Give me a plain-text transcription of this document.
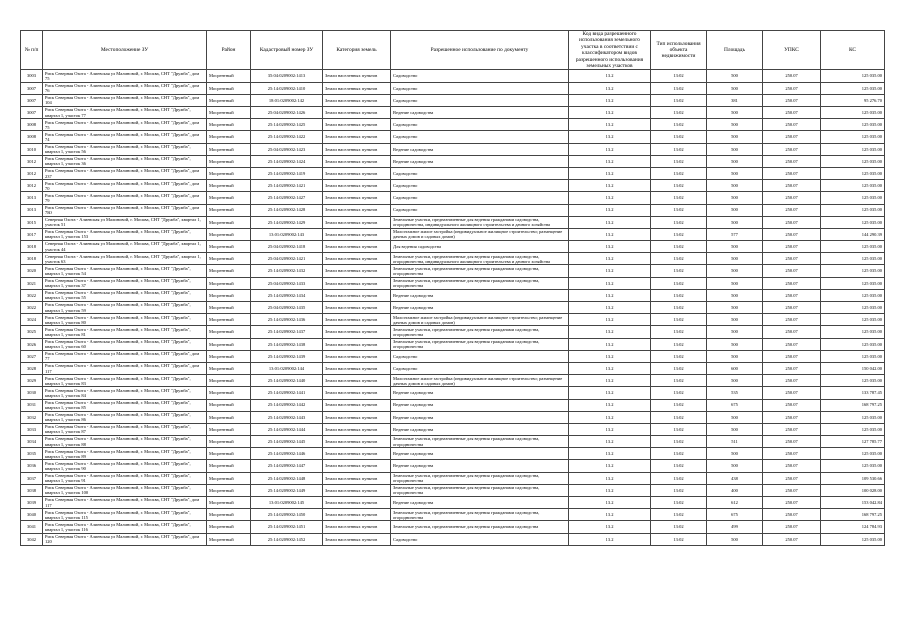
№ п/п	Местоположение ЗУ	Район	Кадастровый номер ЗУ	Категория земель	Разрешенное использование по документу	Код вида разрешенного использования земельного участка в соответствии с классификатором видов разрешенного использования земельных участков	Тип использования объекта недвижимости	Площадь	УПКС	КС
3003	Риск Северная Охота - Алиевская ул Малиновой, г. Москва, СНТ "Дружба", дом 75	Мосрентный	35:04:0209002:1413	Земли населенных пунктов	Садоводство	13.2	13:02	500	250.07	125 035.00
3007	Риск Северная Охота - Алиевская ул Малиновой, г. Москва, СНТ "Дружба", дом 76	Мосрентный	25:14:0209002:1410	Земли населенных пунктов	Садоводство	13.2	13:02	500	250.07	125 035.00
3007	Риск Северная Охота - Алиевская ул Малиновой, г. Москва, СНТ "Дружба", дом 104	Мосрентный	18:01:0209002:142	Земли населенных пунктов	Садоводство	13.2	13:02	381	250.07	95 276.70
3007	Риск Северная Охота - Алиевская ул Малиновой, г. Москва, СНТ "Дружба", квартал 1, участок 77	Мосрентный	25:04:0209002:1426	Земли населенных пунктов	Ведение садоводства	13.2	13:02	500	250.07	125 035.00
3008	Риск Северная Охота - Алиевская ул Малиновой, г. Москва, СНТ "Дружба", дом 75	Мосрентный	25:14:0209002:1425	Земли населенных пунктов	Садоводство	13.2	13:02	500	250.07	125 035.00
3008	Риск Северная Охота - Алиевская ул Малиновой, г. Москва, СНТ "Дружба", дом 74	Мосрентный	25:14:0209002:1422	Земли населенных пунктов	Садоводство	13.2	13:02	500	250.07	125 035.00
3010	Риск Северная Охота - Алиевская ул Малиновой, г. Москва, СНТ "Дружба", квартал 1, участок 56	Мосрентный	25:04:0209002:1423	Земли населенных пунктов	Ведение садоводства	13.2	13:02	500	250.07	125 035.00
3012	Риск Северная Охота - Алиевская ул Малиновой, г. Москва, СНТ "Дружба", квартал 1, участок 36	Мосрентный	25:14:0209002:1424	Земли населенных пунктов	Ведение садоводства	13.2	13:02	500	250.07	125 035.00
3012	Риск Северная Охота - Алиевская ул Малиновой, г. Москва, СНТ "Дружба", дом 237	Мосрентный	25:14:0209002:1419	Земли населенных пунктов	Садоводство	13.2	13:02	500	250.07	125 035.00
3012	Риск Северная Охота - Алиевская ул Малиновой, г. Москва, СНТ "Дружба", дом 70	Мосрентный	25:14:0209002:1421	Земли населенных пунктов	Садоводство	13.2	13:02	500	250.07	125 035.00
3013	Риск Северная Охота - Алиевская ул Малиновой, г. Москва, СНТ "Дружба", дом 79	Мосрентный	25:14:0209002:1427	Земли населенных пунктов	Садоводство	13.2	13:02	500	250.07	125 035.00
3013	Риск Северная Охота - Алиевская ул Малиновой, г. Москва, СНТ "Дружба", дом 7Ю	Мосрентный	25:14:0209002:1428	Земли населенных пунктов	Садоводство	13.2	13:02	500	250.07	125 035.00
3015	Северная Охота - Алиевская ул Малиновой, г. Москва, СНТ "Дружба", квартал 1, участок 51	Мосрентный	25:14:0209002:1429	Земли населенных пунктов	Земельные участки, предназначенные для ведения гражданами садоводства, огородничества, индивидуального жилищного строительства и дачного хозяйства	13.2	13:02	500	250.07	125 035.00
3017	Риск Северная Охота - Алиевская ул Малиновой, г. Москва, СНТ "Дружба", квартал 1, участок 153	Мосрентный	13:01:0209002:143	Земли населенных пунктов	Малоэтажное жилое застройка (индивидуальное жилищное строительство; размещение дачных домов и садовых домов)	13.2	13:02	577	250.07	144 290.39
3018	Северная Охота - Алиевская ул Малиновой, г. Москва, СНТ "Дружба", квартал 1, участок 44	Мосрентный	25:04:0209002:1418	Земли населенных пунктов	Для ведения садоводства	13.2	13:02	500	250.07	125 035.00
3018	Северная Охота - Алиевская ул Малиновой, г. Москва, СНТ "Дружба", квартал 1, участок 63	Мосрентный	25:04:0209002:1421	Земли населенных пунктов	Земельные участки, предназначенные для ведения гражданами садоводства, огородничества, индивидуального жилищного строительства и дачного хозяйства	13.2	13:02	500	250.07	125 035.00
3020	Риск Северная Охота - Алиевская ул Малиновой, г. Москва, СНТ "Дружба", квартал 1, участок 54	Мосрентный	25:14:0209002:1432	Земли населенных пунктов	Земельные участки, предназначенные для ведения гражданами садоводства, огородничества	13.2	13:02	500	250.07	125 035.00
3021	Риск Северная Охота - Алиевская ул Малиновой, г. Москва, СНТ "Дружба", квартал 1, участок 37	Мосрентный	25:04:0209002:1433	Земли населенных пунктов	Земельные участки, предназначенные для ведения гражданами садоводства, огородничества	13.2	13:02	500	250.07	125 035.00
3022	Риск Северная Охота - Алиевская ул Малиновой, г. Москва, СНТ "Дружба", квартал 1, участок 55	Мосрентный	25:14:0209002:1434	Земли населенных пунктов	Ведение садоводства	13.2	13:02	500	250.07	125 035.00
3022	Риск Северная Охота - Алиевская ул Малиновой, г. Москва, СНТ "Дружба", квартал 1, участок 59	Мосрентный	25:04:0209002:1435	Земли населенных пунктов	Ведение садоводства	13.2	13:02	500	250.07	125 035.00
3024	Риск Северная Охота - Алиевская ул Малиновой, г. Москва, СНТ "Дружба", квартал 1, участок 80	Мосрентный	25:14:0209002:1436	Земли населенных пунктов	Малоэтажное жилое застройка (индивидуальное жилищное строительство; размещение дачных домов и садовых домов)	13.2	13:02	500	250.07	125 035.00
3025	Риск Северная Охота - Алиевская ул Малиновой, г. Москва, СНТ "Дружба", квартал 1, участок 81	Мосрентный	25:14:0209002:1437	Земли населенных пунктов	Земельные участки, предназначенные для ведения гражданами садоводства, огородничества	13.2	13:02	500	250.07	125 035.00
3026	Риск Северная Охота - Алиевская ул Малиновой, г. Москва, СНТ "Дружба", квартал 1, участок 60	Мосрентный	25:14:0209002:1438	Земли населенных пунктов	Земельные участки, предназначенные для ведения гражданами садоводства, огородничества	13.2	13:02	500	250.07	125 035.00
3027	Риск Северная Охота - Алиевская ул Малиновой, г. Москва, СНТ "Дружба", дом 77	Мосрентный	25:14:0209002:1439	Земли населенных пунктов	Садоводство	13.2	13:02	500	250.07	125 035.00
3028	Риск Северная Охота - Алиевская ул Малиновой, г. Москва, СНТ "Дружба", дом 117	Мосрентный	13:01:0209002:144	Земли населенных пунктов	Садоводство	13.2	13:02	600	250.07	150 042.00
3029	Риск Северная Охота - Алиевская ул Малиновой, г. Москва, СНТ "Дружба", квартал 1, участок 83	Мосрентный	25:14:0209002:1440	Земли населенных пунктов	Малоэтажное жилое застройка (индивидуальное жилищное строительство; размещение дачных домов и садовых домов)	13.2	13:02	500	250.07	125 035.00
3030	Риск Северная Охота - Алиевская ул Малиновой, г. Москва, СНТ "Дружба", квартал 1, участок 84	Мосрентный	25:14:0209002:1441	Земли населенных пунктов	Ведение садоводства	13.2	13:02	535	250.07	133 787.45
3031	Риск Северная Охота - Алиевская ул Малиновой, г. Москва, СНТ "Дружба", квартал 1, участок 85	Мосрентный	25:14:0209002:1442	Земли населенных пунктов	Ведение садоводства	13.2	13:02	675	250.07	168 797.25
3032	Риск Северная Охота - Алиевская ул Малиновой, г. Москва, СНТ "Дружба", квартал 1, участок 86	Мосрентный	25:14:0209002:1443	Земли населенных пунктов	Ведение садоводства	13.2	13:02	500	250.07	125 035.00
3033	Риск Северная Охота - Алиевская ул Малиновой, г. Москва, СНТ "Дружба", квартал 1, участок 87	Мосрентный	25:14:0209002:1444	Земли населенных пунктов	Ведение садоводства	13.2	13:02	500	250.07	125 035.00
3034	Риск Северная Охота - Алиевская ул Малиновой, г. Москва, СНТ "Дружба", квартал 1, участок 88	Мосрентный	25:14:0209002:1445	Земли населенных пунктов	Земельные участки, предназначенные для ведения гражданами садоводства, огородничества	13.2	13:02	511	250.07	127 785.77
3035	Риск Северная Охота - Алиевская ул Малиновой, г. Москва, СНТ "Дружба", квартал 1, участок 89	Мосрентный	25:14:0209002:1446	Земли населенных пунктов	Ведение садоводства	13.2	13:02	500	250.07	125 035.00
3036	Риск Северная Охота - Алиевская ул Малиновой, г. Москва, СНТ "Дружба", квартал 1, участок 90	Мосрентный	25:14:0209002:1447	Земли населенных пунктов	Ведение садоводства	13.2	13:02	500	250.07	125 035.00
3037	Риск Северная Охота - Алиевская ул Малиновой, г. Москва, СНТ "Дружба", квартал 1, участок 91	Мосрентный	25:14:0209002:1448	Земли населенных пунктов	Земельные участки, предназначенные для ведения гражданами садоводства, огородничества	13.2	13:02	438	250.07	109 530.66
3038	Риск Северная Охота - Алиевская ул Малиновой, г. Москва, СНТ "Дружба", квартал 1, участок 100	Мосрентный	25:14:0209002:1449	Земли населенных пунктов	Земельные участки, предназначенные для ведения гражданами садоводства, огородничества	13.2	13:02	400	250.07	100 028.00
3039	Риск Северная Охота - Алиевская ул Малиновой, г. Москва, СНТ "Дружба", дом 117	Мосрентный	13:01:0209002:145	Земли населенных пунктов	Ведение садоводства	13.2	13:02	612	250.07	153 042.84
3040	Риск Северная Охота - Алиевская ул Малиновой, г. Москва, СНТ "Дружба", квартал 1, участок 115	Мосрентный	25:14:0209002:1450	Земли населенных пунктов	Земельные участки, предназначенные для ведения гражданами садоводства, огородничества	13.2	13:02	675	250.07	168 797.25
3041	Риск Северная Охота - Алиевская ул Малиновой, г. Москва, СНТ "Дружба", квартал 1, участок 116	Мосрентный	25:14:0209002:1451	Земли населенных пунктов	Земельные участки, предназначенные для ведения гражданами садоводства	13.2	13:02	499	250.07	124 784.93
3042	Риск Северная Охота - Алиевская ул Малиновой, г. Москва, СНТ "Дружба", дом 120	Мосрентный	25:14:0209002:1452	Земли населенных пунктов	Садоводство	13.2	13:02	500	250.07	125 035.00
